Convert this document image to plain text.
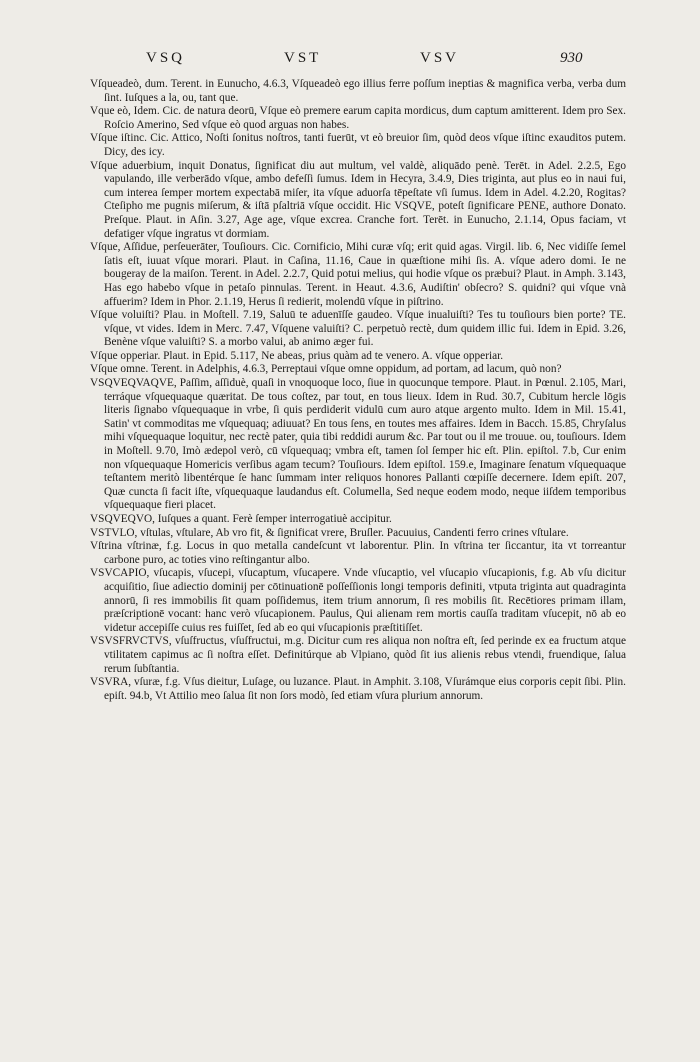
VSQ	VST	VSV	930

Vſqueadeò, dum. Terent. in Eunucho, 4.6.3, Vſqueadeò ego illius ferre poſſum ineptias & magnifica verba, verba dum ſint. Iuſques a la, ou, tant que.

Vque eò, Idem. Cic. de natura deorū, Vſque eò premere earum capita mordicus, dum captum amitterent. Idem pro Sex. Roſcio Amerino, Sed vſque eò quod arguas non habes.

Vſque iſtinc. Cic. Attico, Noſti ſonitus noſtros, tanti fuerūt, vt eò breuior ſim, quòd deos vſque iſtinc exauditos putem. Dicy, des icy.

Vſque aduerbium, inquit Donatus, ſignificat diu aut multum, vel valdè, aliquādo penè. Terēt. in Adel. 2.2.5, Ego vapulando, ille verberādo vſque, ambo defeſſi ſumus. Idem in Hecyra, 3.4.9, Dies triginta, aut plus eo in naui fui, cum interea ſemper mortem expectabā miſer, ita vſque aduorſa tēpeſtate vſi ſumus. Idem in Adel. 4.2.20, Rogitas? Cteſipho me pugnis miſerum, & iſtā pſaltriā vſque occidit. Hic VSQVE, poteſt ſignificare PENE, authore Donato. Preſque. Plaut. in Aſin. 3.27, Age age, vſque excrea. Cranche fort. Terēt. in Eunucho, 2.1.14, Opus faciam, vt defatiger vſque ingratus vt dormiam.

Vſque, Aſſidue, perſeuerāter, Touſiours. Cic. Cornificio, Mihi curæ vſq; erit quid agas. Virgil. lib. 6, Nec vidiſſe ſemel ſatis eſt, iuuat vſque morari. Plaut. in Caſina, 11.16, Caue in quæſtione mihi ſis. A. vſque adero domi. Ie ne bougeray de la maiſon. Terent. in Adel. 2.2.7, Quid potui melius, qui hodie vſque os præbui? Plaut. in Amph. 3.143, Has ego habebo vſque in petaſo pinnulas. Terent. in Heaut. 4.3.6, Audiſtin' obſecro? S. quidni? qui vſque vnà affuerim? Idem in Phor. 2.1.19, Herus ſi redierit, molendū vſque in piſtrino.

Vſque voluiſti? Plau. in Moſtell. 7.19, Saluū te aduenīſſe gaudeo. Vſque inualuiſti? Tes tu touſiours bien porte? TE. vſque, vt vides. Idem in Merc. 7.47, Vſquene valuiſti? C. perpetuò rectè, dum quidem illic fui. Idem in Epid. 3.26, Benène vſque valuiſti? S. a morbo valui, ab animo æger fui.

Vſque opperiar. Plaut. in Epid. 5.117, Ne abeas, prius quàm ad te venero. A. vſque opperiar.

Vſque omne. Terent. in Adelphis, 4.6.3, Perreptaui vſque omne oppidum, ad portam, ad lacum, quò non?

VSQVEQVAQVE, Paſſim, aſſiduè, quaſi in vnoquoque loco, ſiue in quocunque tempore. Plaut. in Pœnul. 2.105, Mari, terráque vſquequaque quæritat. De tous coſtez, par tout, en tous lieux. Idem in Rud. 30.7, Cubitum hercle lōgis literis ſignabo vſquequaque in vrbe, ſi quis perdiderit vidulū cum auro atque argento multo. Idem in Mil. 15.41, Satin' vt commoditas me vſquequaq; adiuuat? En tous ſens, en toutes mes affaires. Idem in Bacch. 15.85, Chryſalus mihi vſquequaque loquitur, nec rectè pater, quia tibi reddidi aurum &c. Par tout ou il me trouue. ou, touſiours. Idem in Moſtell. 9.70, Imò ædepol verò, cū vſquequaq; vmbra eſt, tamen ſol ſemper hic eſt. Plin. epiſtol. 7.b, Cur enim non vſquequaque Homericis verſibus agam tecum? Touſiours. Idem epiſtol. 159.e, Imaginare ſenatum vſquequaque teſtantem meritò libentérque ſe hanc ſummam inter reliquos honores Pallanti cœpiſſe decernere. Idem epiſt. 207, Quæ cuncta ſi facit iſte, vſquequaque laudandus eſt. Columella, Sed neque eodem modo, neque iiſdem temporibus vſquequaque fieri placet.

VSQVEQVO, Iuſques a quant. Ferè ſemper interrogatiuè accipitur.

VSTVLO, vſtulas, vſtulare, Ab vro fit, & ſignificat vrere, Bruſler. Pacuuius, Candenti ferro crines vſtulare.

Vſtrina vſtrinæ, f.g. Locus in quo metalla candeſcunt vt laborentur. Plin. In vſtrina ter ſiccantur, ita vt torreantur carbone puro, ac toties vino reſtingantur albo.

VSVCAPIO, vſucapis, vſucepi, vſucaptum, vſucapere. Vnde vſucaptio, vel vſucapio vſucapionis, f.g. Ab vſu dicitur acquiſitio, ſiue adiectio dominij per cōtinuationē poſſeſſionis longi temporis definiti, vtputa triginta aut quadraginta annorū, ſi res immobilis ſit quam poſſidemus, item trium annorum, ſi res mobilis ſit. Recētiores primam illam, præſcriptionē vocant: hanc verò vſucapionem. Paulus, Qui alienam rem mortis cauſſa traditam vſucepit, nō ab eo videtur accepiſſe cuius res fuiſſet, ſed ab eo qui vſucapionis præſtitiſſet.

VSVSFRVCTVS, vſuſfructus, vſuſfructui, m.g. Dicitur cum res aliqua non noſtra eſt, ſed perinde ex ea fructum atque vtilitatem capimus ac ſi noſtra eſſet. Definitúrque ab Vlpiano, quòd ſit ius alienis rebus vtendi, fruendique, ſalua rerum ſubſtantia.

VSVRA, vſuræ, f.g. Vſus dieitur, Luſage, ou luzance. Plaut. in Amphit. 3.108, Vſurámque eius corporis cepit ſibi. Plin. epiſt. 94.b, Vt Attilio meo ſalua ſit non ſors modò, ſed etiam vſura plurium annorum.
